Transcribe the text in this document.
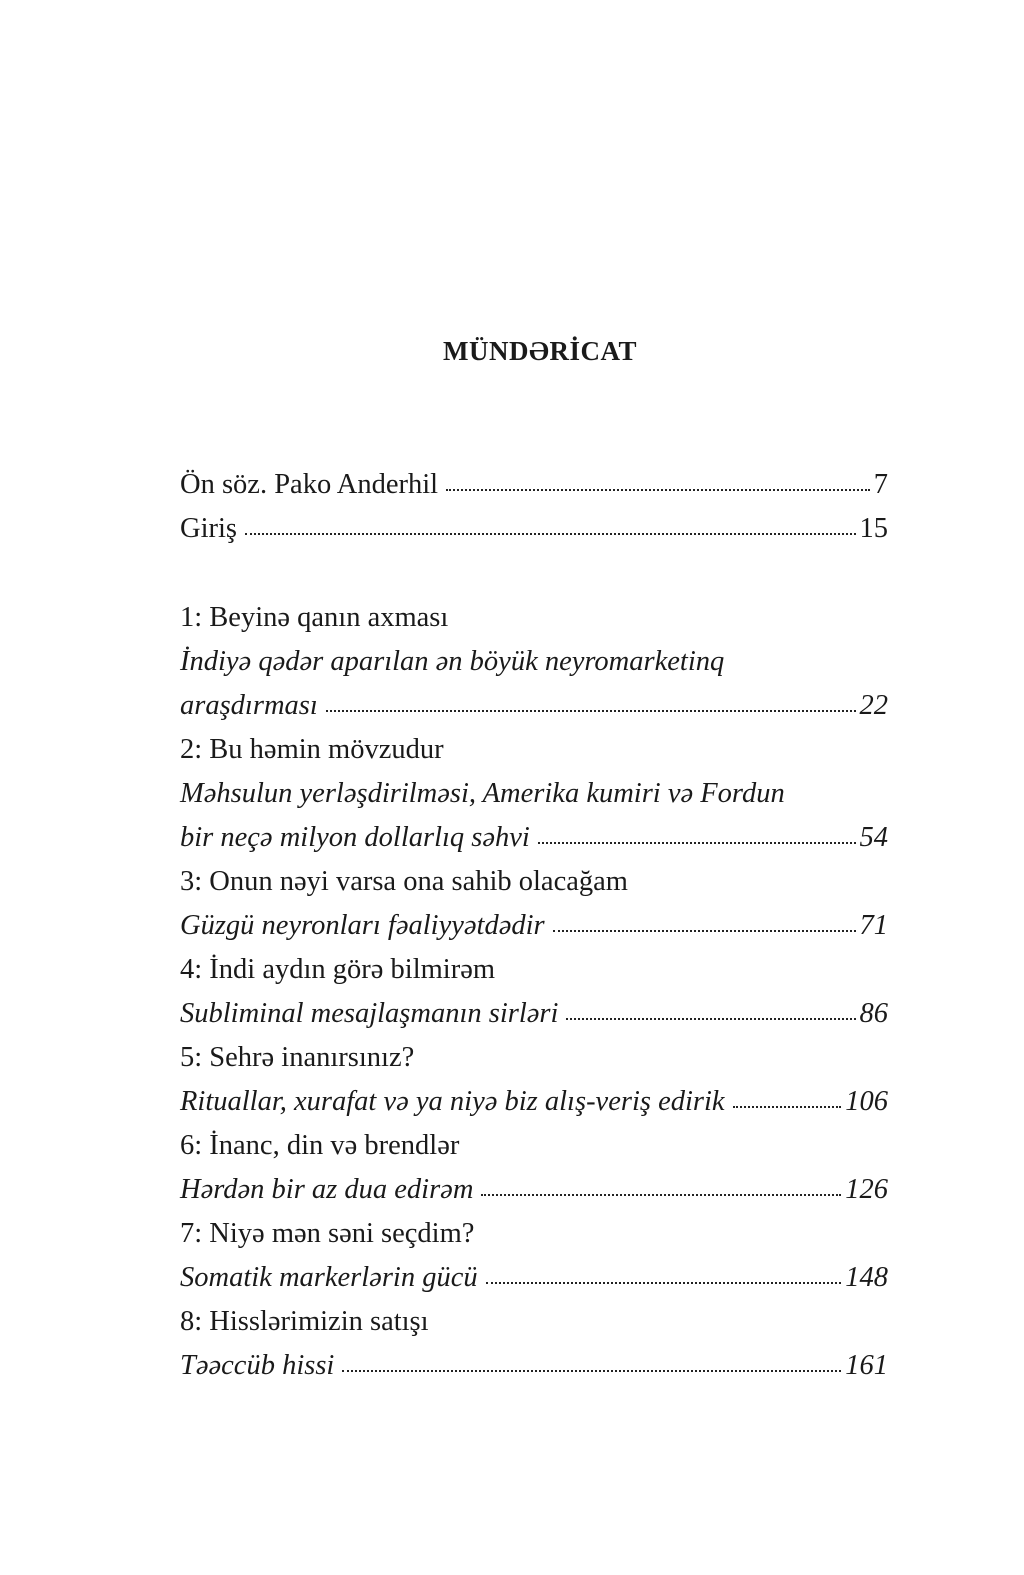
MÜNDƏRİCAT
Ön söz. Pako Anderhil	7
Giriş	15
1: Beyinə qanın axması
İndiyə qədər aparılan ən böyük neyromarketinq
araşdırması	22
2: Bu həmin mövzudur
Məhsulun yerləşdirilməsi, Amerika kumiri və Fordun
bir neçə milyon dollarlıq səhvi	54
3: Onun nəyi varsa ona sahib olacağam
Güzgü neyronları fəaliyyətdədir	71
4: İndi aydın görə bilmirəm
Subliminal mesajlaşmanın sirləri	86
5: Sehrə inanırsınız?
Rituallar, xurafat və ya niyə biz alış-veriş edirik	106
6: İnanc, din və brendlər
Hərdən bir az dua edirəm	126
7: Niyə mən səni seçdim?
Somatik markerlərin gücü	148
8: Hisslərimizin satışı
Təəccüb hissi	161
